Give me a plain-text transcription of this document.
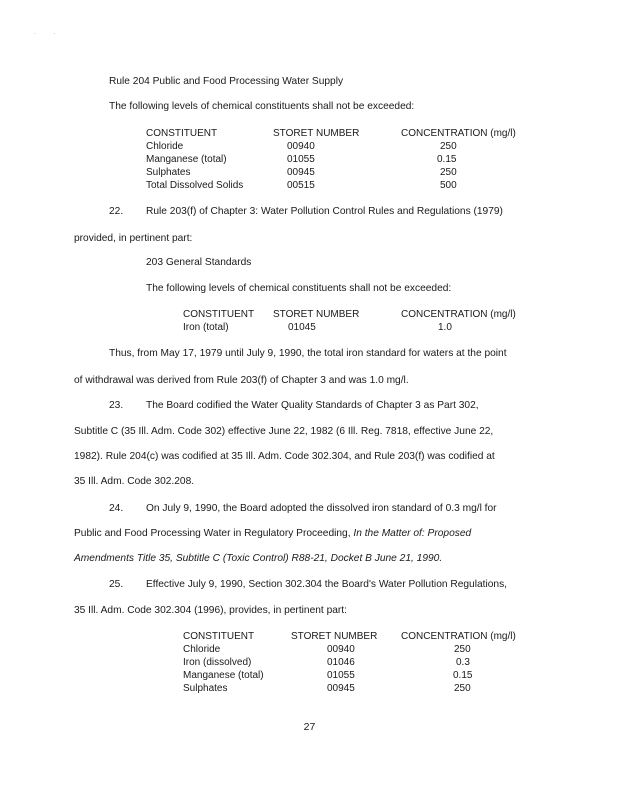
. .
Rule 204 Public and Food Processing Water Supply
The following levels of chemical constituents shall not be exceeded:
CONSTITUENT	STORET NUMBER	CONCENTRATION (mg/l)
Chloride	00940	250
Manganese (total)	01055	0.15
Sulphates	00945	250
Total Dissolved Solids	00515	500
22. Rule 203(f) of Chapter 3: Water Pollution Control Rules and Regulations (1979)
provided, in pertinent part:
203 General Standards
The following levels of chemical constituents shall not be exceeded:
CONSTITUENT STORET NUMBER	CONCENTRATION (mg/l)
Iron (total)	01045	1.0
Thus, from May 17, 1979 until July 9, 1990, the total iron standard for waters at the point
of withdrawal was derived from Rule 203(f) of Chapter 3 and was 1.0 mg/l.
23. The Board codified the Water Quality Standards of Chapter 3 as Part 302,
Subtitle C (35 Ill. Adm. Code 302) effective June 22, 1982 (6 Ill. Reg. 7818, effective June 22,
1982). Rule 204(c) was codified at 35 Ill. Adm. Code 302.304, and Rule 203(f) was codified at
35 Ill. Adm. Code 302.208.
24. On July 9, 1990, the Board adopted the dissolved iron standard of 0.3 mg/l for
Public and Food Processing Water in Regulatory Proceeding, In the Matter of: Proposed
Amendments Title 35, Subtitle C (Toxic Control) R88-21, Docket B June 21, 1990.
25. Effective July 9, 1990, Section 302.304 the Board's Water Pollution Regulations,
35 Ill. Adm. Code 302.304 (1996), provides, in pertinent part:
CONSTITUENT	STORET NUMBER CONCENTRATION (mg/l)
Chloride	00940	250
Iron (dissolved)	01046	0.3
Manganese (total)	01055	0.15
Sulphates	00945	250
27
